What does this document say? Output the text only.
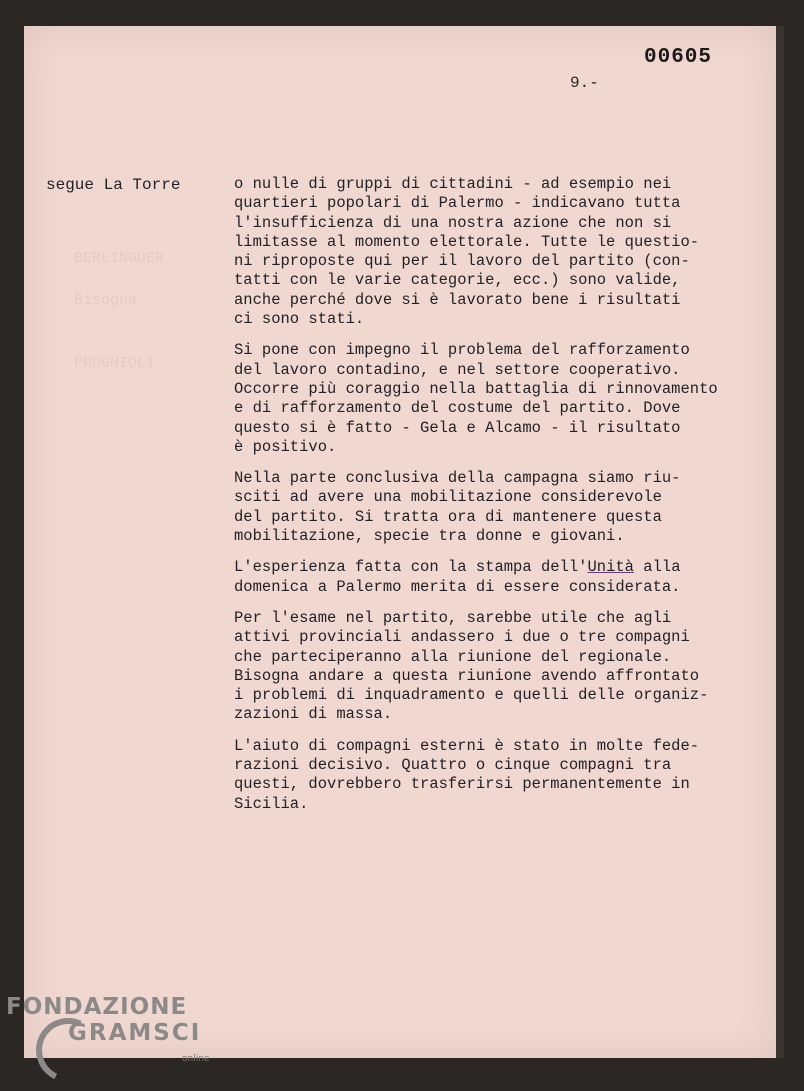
BERLINGUER

Bisogna

PROGNIOLI

00605
9.-
segue La Torre	o nulle di gruppi di cittadini - ad esempio nei
quartieri popolari di Palermo - indicavano tutta
l'insufficienza di una nostra azione che non si
limitasse al momento elettorale. Tutte le questio-
ni riproposte qui per il lavoro del partito (con-
tatti con le varie categorie, ecc.) sono valide,
anche perché dove si è lavorato bene i risultati
ci sono stati.

Si pone con impegno il problema del rafforzamento
del lavoro contadino, e nel settore cooperativo.
Occorre più coraggio nella battaglia di rinnovamento
e di rafforzamento del costume del partito. Dove
questo si è fatto - Gela e Alcamo - il risultato
è positivo.

Nella parte conclusiva della campagna siamo riu-
sciti ad avere una mobilitazione considerevole
del partito. Si tratta ora di mantenere questa
mobilitazione, specie tra donne e giovani.

L'esperienza fatta con la stampa dell'Unità alla
domenica a Palermo merita di essere considerata.

Per l'esame nel partito, sarebbe utile che agli
attivi provinciali andassero i due o tre compagni
che parteciperanno alla riunione del regionale.
Bisogna andare a questa riunione avendo affrontato
i problemi di inquadramento e quelli delle organiz-
zazioni di massa.

L'aiuto di compagni esterni è stato in molte fede-
razioni decisivo. Quattro o cinque compagni tra
questi, dovrebbero trasferirsi permanentemente in
Sicilia.

FONDAZIONE
GRAMSCI
online
